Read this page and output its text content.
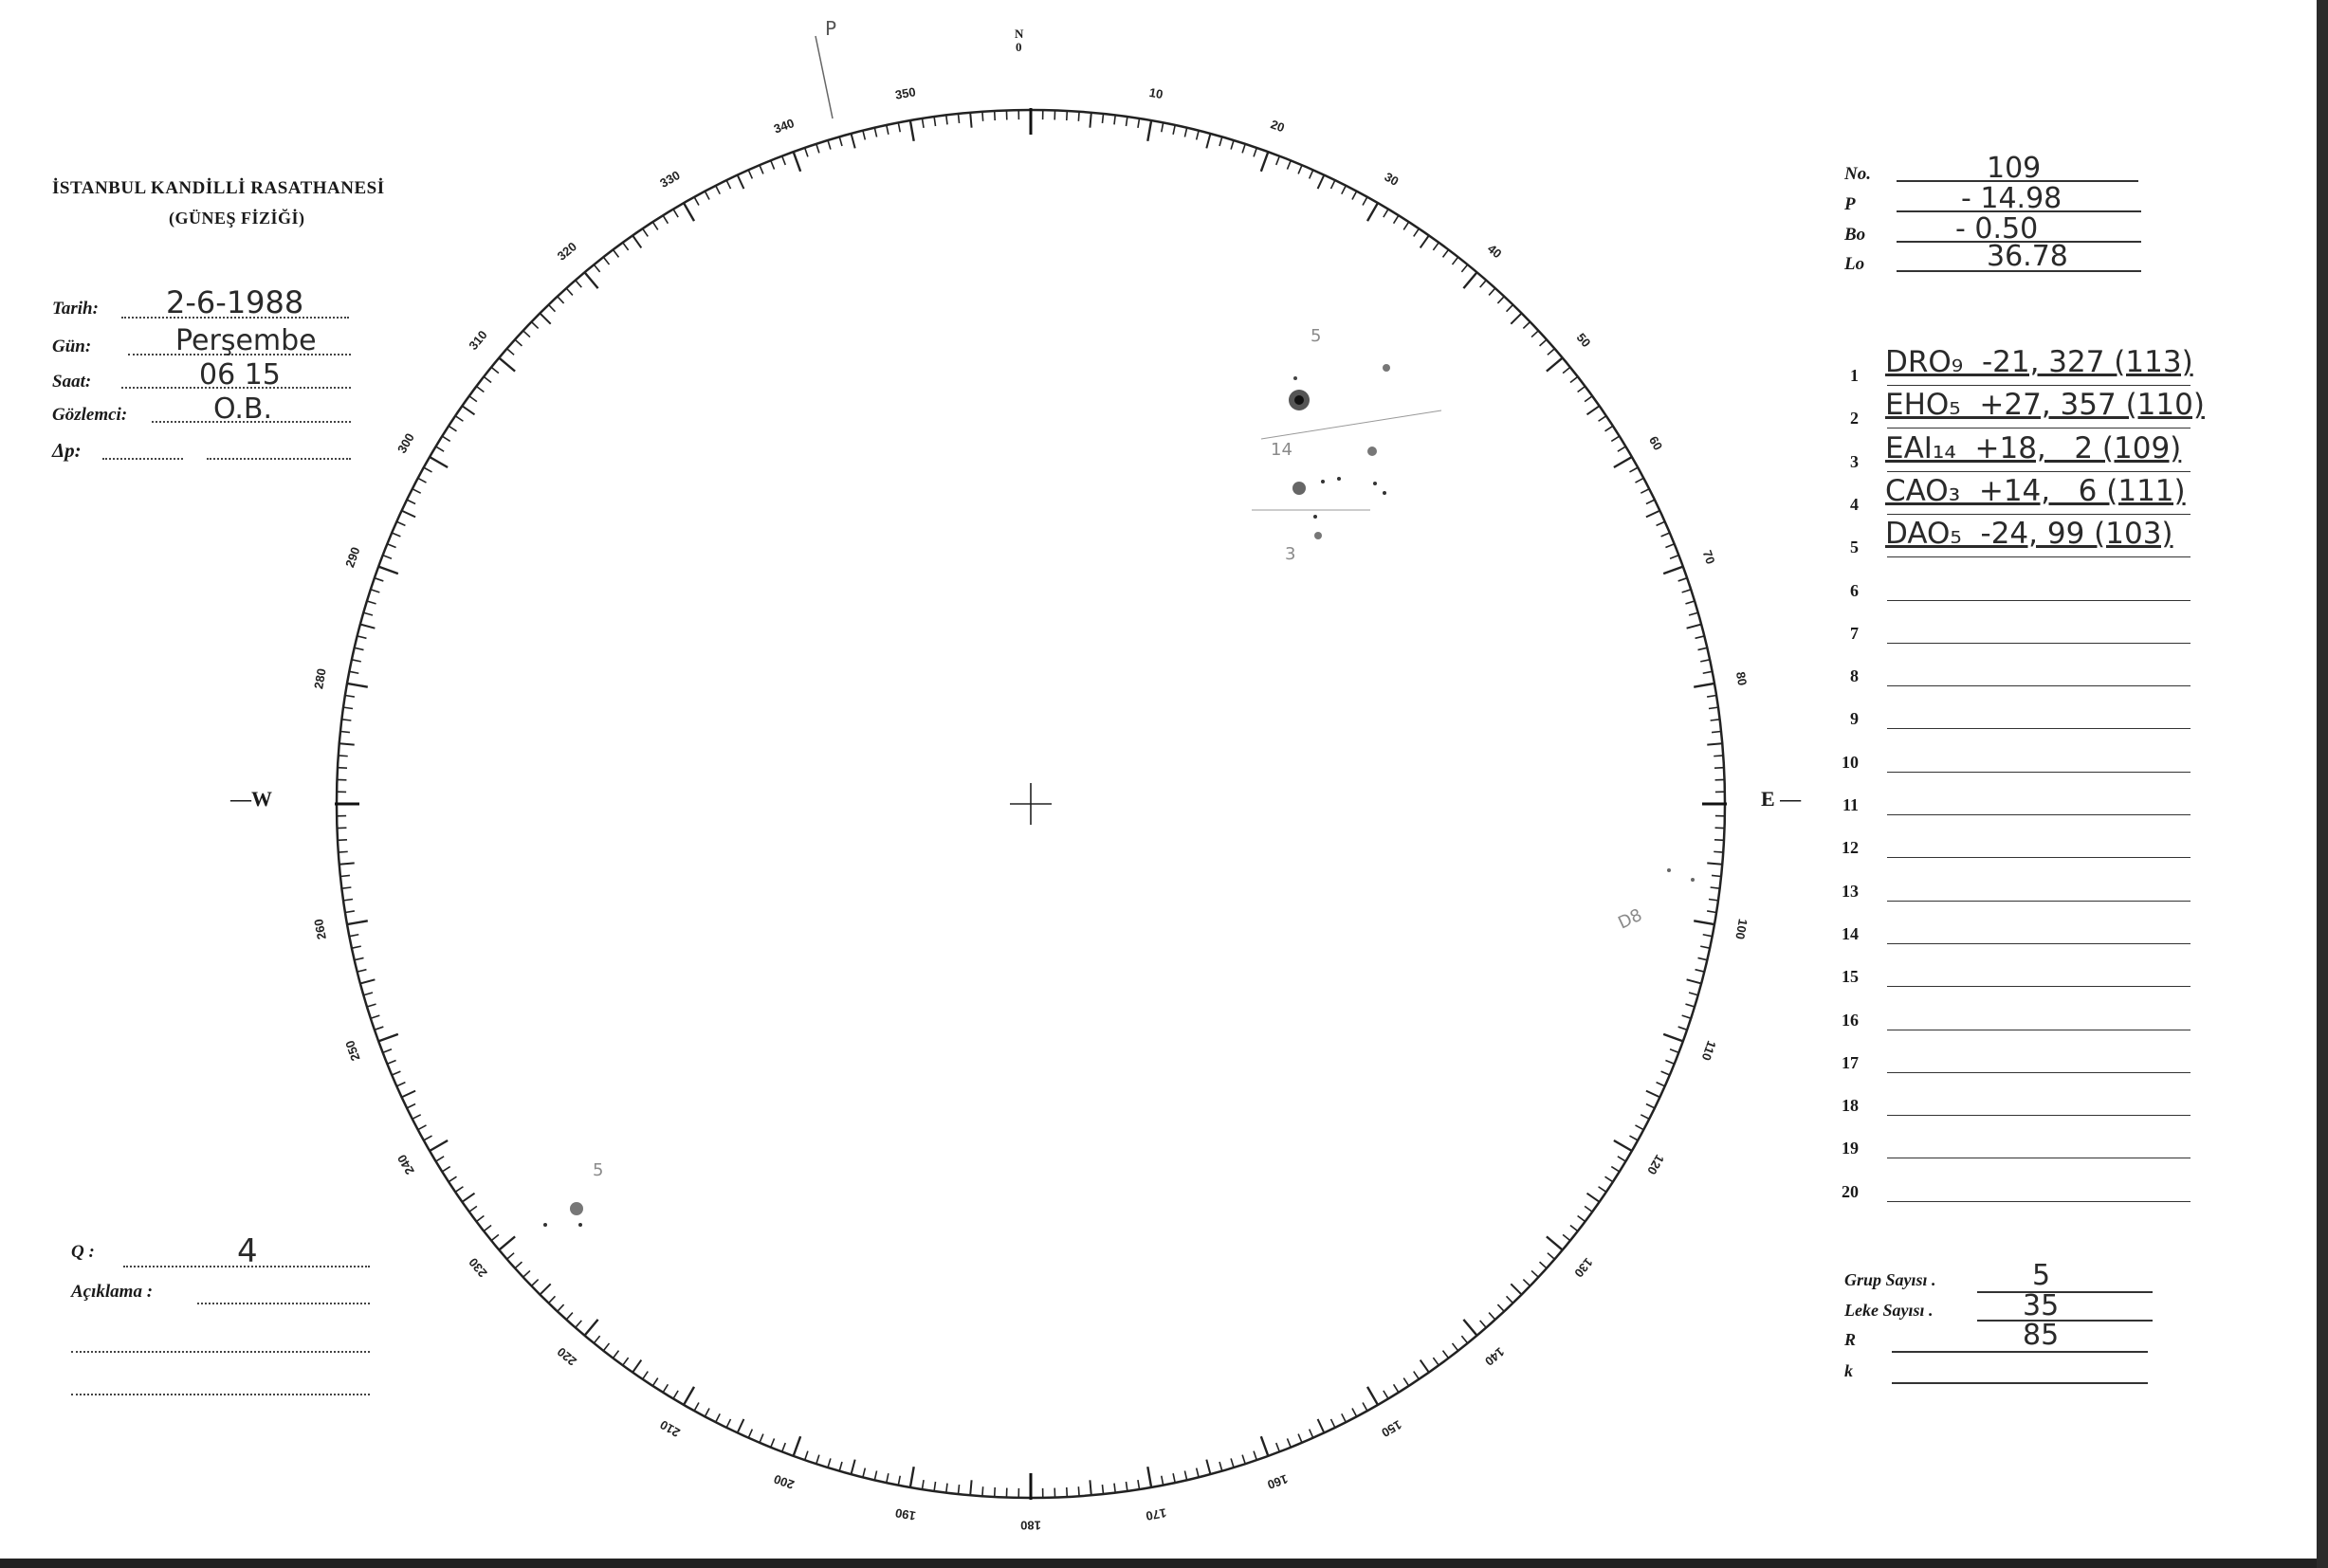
İSTANBUL KANDİLLİ RASATHANESİ
(GÜNEŞ FİZİĞİ)
Tarih: 2-6-1988
Gün:	Perşembe
Saat:	06 15
Gözlemci:	O.B.
Δp:
Q :	4
Açıklama :
No.	109
P	- 14.98
Bo	- 0.50
Lo	36.78
1 DRO₉  -21, 327 (113)
2 EHO₅  +27, 357 (110)
3 EAI₁₄  +18,   2 (109)
4 CAO₃  +14,   6 (111)
5 DAO₅  -24, 99 (103)
6
7
8
9
10
11
12
13
14
15
16
17
18
19
20
Grup Sayısı .	5
Leke Sayısı .	35
R	85
k
10
20
30
40
50
60
70
80
100
110
120
130
140
150
160
170
180
190
200
210
220
230
240
250
260
280
290
300
310
320
330
340
350
5
14
3
D8
5
—W	E —
N
0
P
